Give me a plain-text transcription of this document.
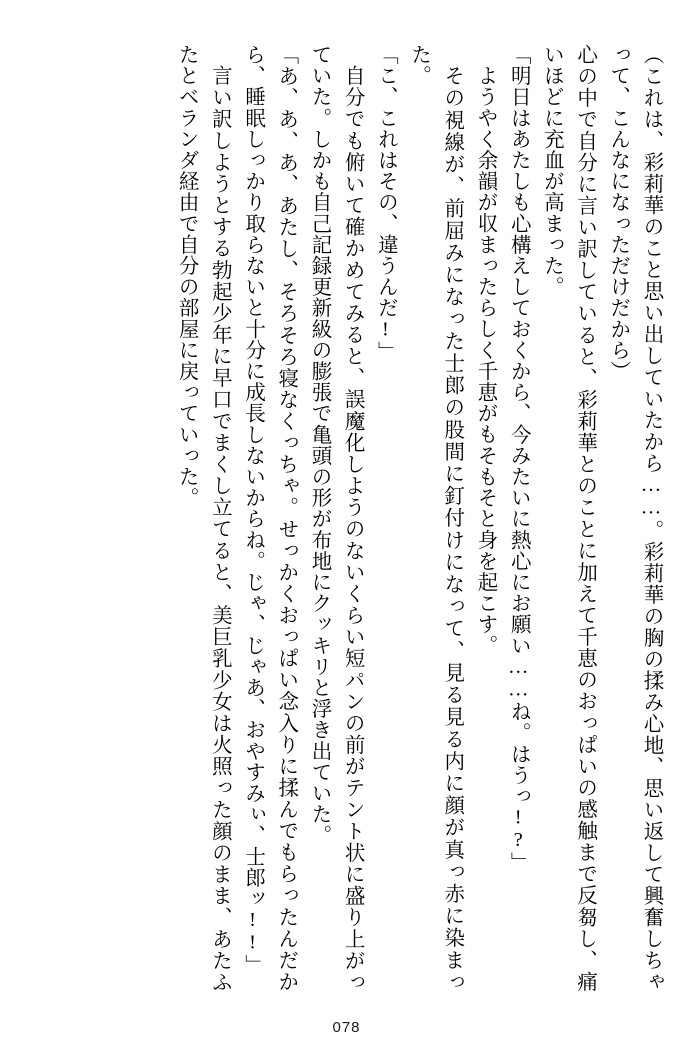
（これは、彩莉華のこと思い出していたから……。彩莉華の胸の揉み心地、思い返して興奮しちゃって、こんなになっただけだから）
心の中で自分に言い訳していると、彩莉華とのことに加えて千恵のおっぱいの感触まで反芻し、痛いほどに充血が高まった。
「明日はあたしも心構えしておくから、今みたいに熱心にお願い……ね。はうっ!?」
ようやく余韻が収まったらしく千恵がもそもそと身を起こす。
その視線が、前屈みになった士郎の股間に釘付けになって、見る見る内に顔が真っ赤に染まった。
「こ、これはその、違うんだ!」
自分でも俯いて確かめてみると、誤魔化しようのないくらい短パンの前がテント状に盛り上がっていた。しかも自己記録更新級の膨張で亀頭の形が布地にクッキリと浮き出ていた。
「あ、あ、あ、あたし、そろそろ寝なくっちゃ。せっかくおっぱい念入りに揉んでもらったんだから、睡眠しっかり取らないと十分に成長しないからね。じゃ、じゃあ、おやすみぃ、士郎ッ!!」
言い訳しようとする勃起少年に早口でまくし立てると、美巨乳少女は火照った顔のまま、あたふたとベランダ経由で自分の部屋に戻っていった。
078
